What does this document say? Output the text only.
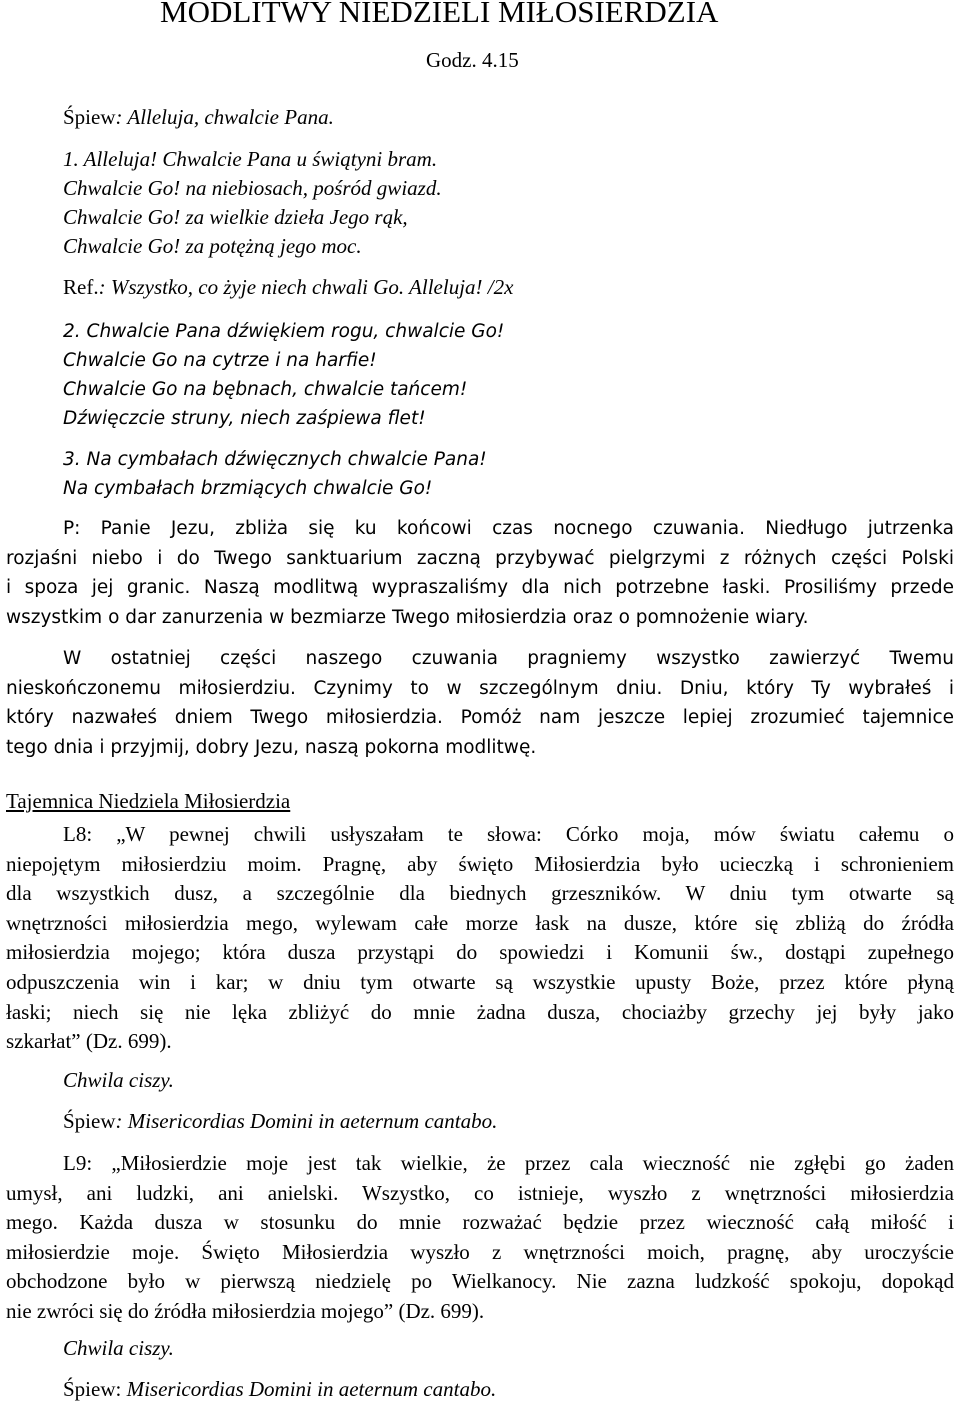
MODLITWY NIEDZIELI MIŁOSIERDZIA
Godz. 4.15
Śpiew: Alleluja, chwalcie Pana.
1. Alleluja! Chwalcie Pana u świątyni bram.
Chwalcie Go! na niebiosach, pośród gwiazd.
Chwalcie Go! za wielkie dzieła Jego rąk,
Chwalcie Go! za potężną jego moc.
Ref.: Wszystko, co żyje niech chwali Go. Alleluja! /2x
2. Chwalcie Pana dźwiękiem rogu, chwalcie Go!
Chwalcie Go na cytrze i na harfie!
Chwalcie Go na bębnach, chwalcie tańcem!
Dźwięczcie struny, niech zaśpiewa flet!
3. Na cymbałach dźwięcznych chwalcie Pana!
Na cymbałach brzmiących chwalcie Go!
P: Panie Jezu, zbliża się ku końcowi czas nocnego czuwania. Niedługo jutrzenka
rozjaśni niebo i do Twego sanktuarium zaczną przybywać pielgrzymi z różnych części Polski
i spoza jej granic. Naszą modlitwą wypraszaliśmy dla nich potrzebne łaski. Prosiliśmy przede
wszystkim o dar zanurzenia w bezmiarze Twego miłosierdzia oraz o pomnożenie wiary.
W ostatniej części naszego czuwania pragniemy wszystko zawierzyć Twemu
nieskończonemu miłosierdziu. Czynimy to w szczególnym dniu. Dniu, który Ty wybrałeś i
który nazwałeś dniem Twego miłosierdzia. Pomóż nam jeszcze lepiej zrozumieć tajemnice
tego dnia i przyjmij, dobry Jezu, naszą pokorna modlitwę.
Tajemnica Niedziela Miłosierdzia
L8: „W pewnej chwili usłyszałam te słowa: Córko moja, mów światu całemu o
niepojętym miłosierdziu moim. Pragnę, aby święto Miłosierdzia było ucieczką i schronieniem
dla wszystkich dusz, a szczególnie dla biednych grzeszników. W dniu tym otwarte są
wnętrzności miłosierdzia mego, wylewam całe morze łask na dusze, które się zbliżą do źródła
miłosierdzia mojego; która dusza przystąpi do spowiedzi i Komunii św., dostąpi zupełnego
odpuszczenia win i kar; w dniu tym otwarte są wszystkie upusty Boże, przez które płyną
łaski; niech się nie lęka zbliżyć do mnie żadna dusza, chociażby grzechy jej były jako
szkarłat” (Dz. 699).
Chwila ciszy.
Śpiew: Misericordias Domini in aeternum cantabo.
L9: „Miłosierdzie moje jest tak wielkie, że przez cala wieczność nie zgłębi go żaden
umysł, ani ludzki, ani anielski. Wszystko, co istnieje, wyszło z wnętrzności miłosierdzia
mego. Każda dusza w stosunku do mnie rozważać będzie przez wieczność całą miłość i
miłosierdzie moje. Święto Miłosierdzia wyszło z wnętrzności moich, pragnę, aby uroczyście
obchodzone było w pierwszą niedzielę po Wielkanocy. Nie zazna ludzkość spokoju, dopokąd
nie zwróci się do źródła miłosierdzia mojego” (Dz. 699).
Chwila ciszy.
Śpiew: Misericordias Domini in aeternum cantabo.
